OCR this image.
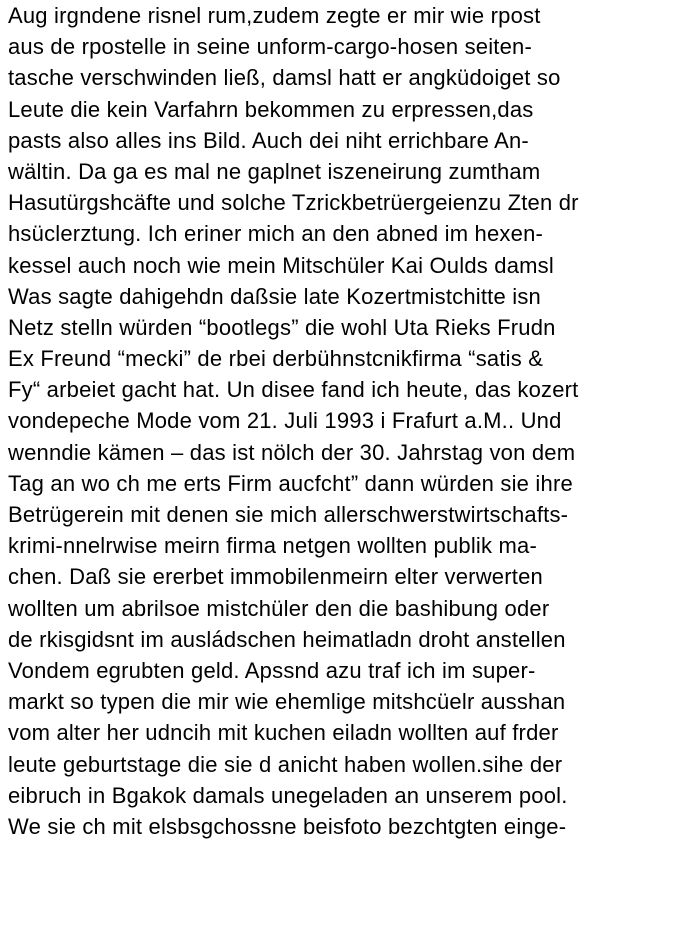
Aug irgndene risnel rum,zudem zegte er mir wie rpost
aus de rpostelle in seine unform-cargo-hosen seiten-
tasche verschwinden ließ, damsl hatt er angküdoiget so
Leute die kein Varfahrn bekommen zu erpressen,das
pasts also alles ins Bild. Auch dei niht errichbare An-
wältin. Da ga es mal ne gaplnet iszeneirung zumtham
Hasutürgshcäfte und solche Tzrickbetrüergeienzu Zten dr
hsüclerztung. Ich eriner mich an den abned im hexen-
kessel auch noch wie mein Mitschüler Kai Oulds damsl
Was sagte dahigehdn daßsie late Kozertmistchitte isn
Netz stelln würden “bootlegs” die wohl Uta Rieks Frudn
Ex Freund “mecki” de rbei derbühnstcnikfirma “satis &
Fy“ arbeiet gacht hat. Un disee fand ich heute, das kozert
vondepeche Mode vom 21. Juli 1993 i Frafurt a.M.. Und
wenndie kämen – das ist nölch der 30. Jahrstag von dem
Tag an wo ch me erts Firm aucfcht” dann würden sie ihre
Betrügerein mit denen sie mich allerschwerstwirtschafts-
krimi-nnelrwise meirn firma netgen wollten publik ma-
chen. Daß sie ererbet immobilenmeirn elter verwerten
wollten um abrilsoe mistchüler den die bashibung oder
de rkisgidsnt im ausládschen heimatladn droht anstellen
Vondem egrubten geld. Apssnd azu traf ich im super-
markt so typen die mir wie ehemlige mitshcüelr ausshan
vom alter her udncih mit kuchen eiladn wollten auf frder
leute geburtstage die sie d anicht haben wollen.sihe der
eibruch in Bgakok damals unegeladen an unserem pool.
We sie ch mit elsbsgchossne beisfoto bezchtgten einge-
